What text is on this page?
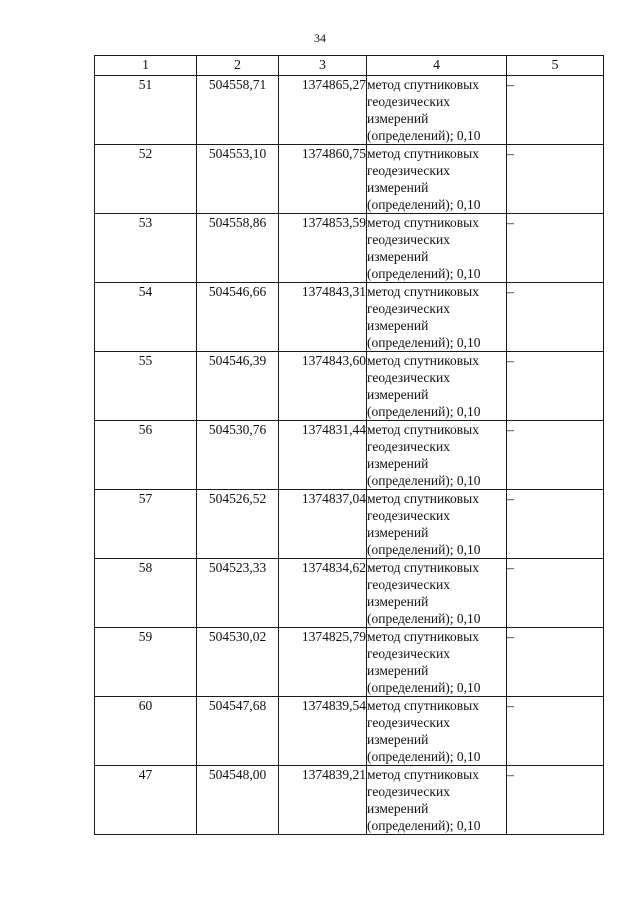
34
1	2	3	4	5
51	504558,71	1374865,27	метод спутниковых
геодезических
измерений
(определений); 0,10	–
52	504553,10	1374860,75	метод спутниковых
геодезических
измерений
(определений); 0,10	–
53	504558,86	1374853,59	метод спутниковых
геодезических
измерений
(определений); 0,10	–
54	504546,66	1374843,31	метод спутниковых
геодезических
измерений
(определений); 0,10	–
55	504546,39	1374843,60	метод спутниковых
геодезических
измерений
(определений); 0,10	–
56	504530,76	1374831,44	метод спутниковых
геодезических
измерений
(определений); 0,10	–
57	504526,52	1374837,04	метод спутниковых
геодезических
измерений
(определений); 0,10	–
58	504523,33	1374834,62	метод спутниковых
геодезических
измерений
(определений); 0,10	–
59	504530,02	1374825,79	метод спутниковых
геодезических
измерений
(определений); 0,10	–
60	504547,68	1374839,54	метод спутниковых
геодезических
измерений
(определений); 0,10	–
47	504548,00	1374839,21	метод спутниковых
геодезических
измерений
(определений); 0,10	–
